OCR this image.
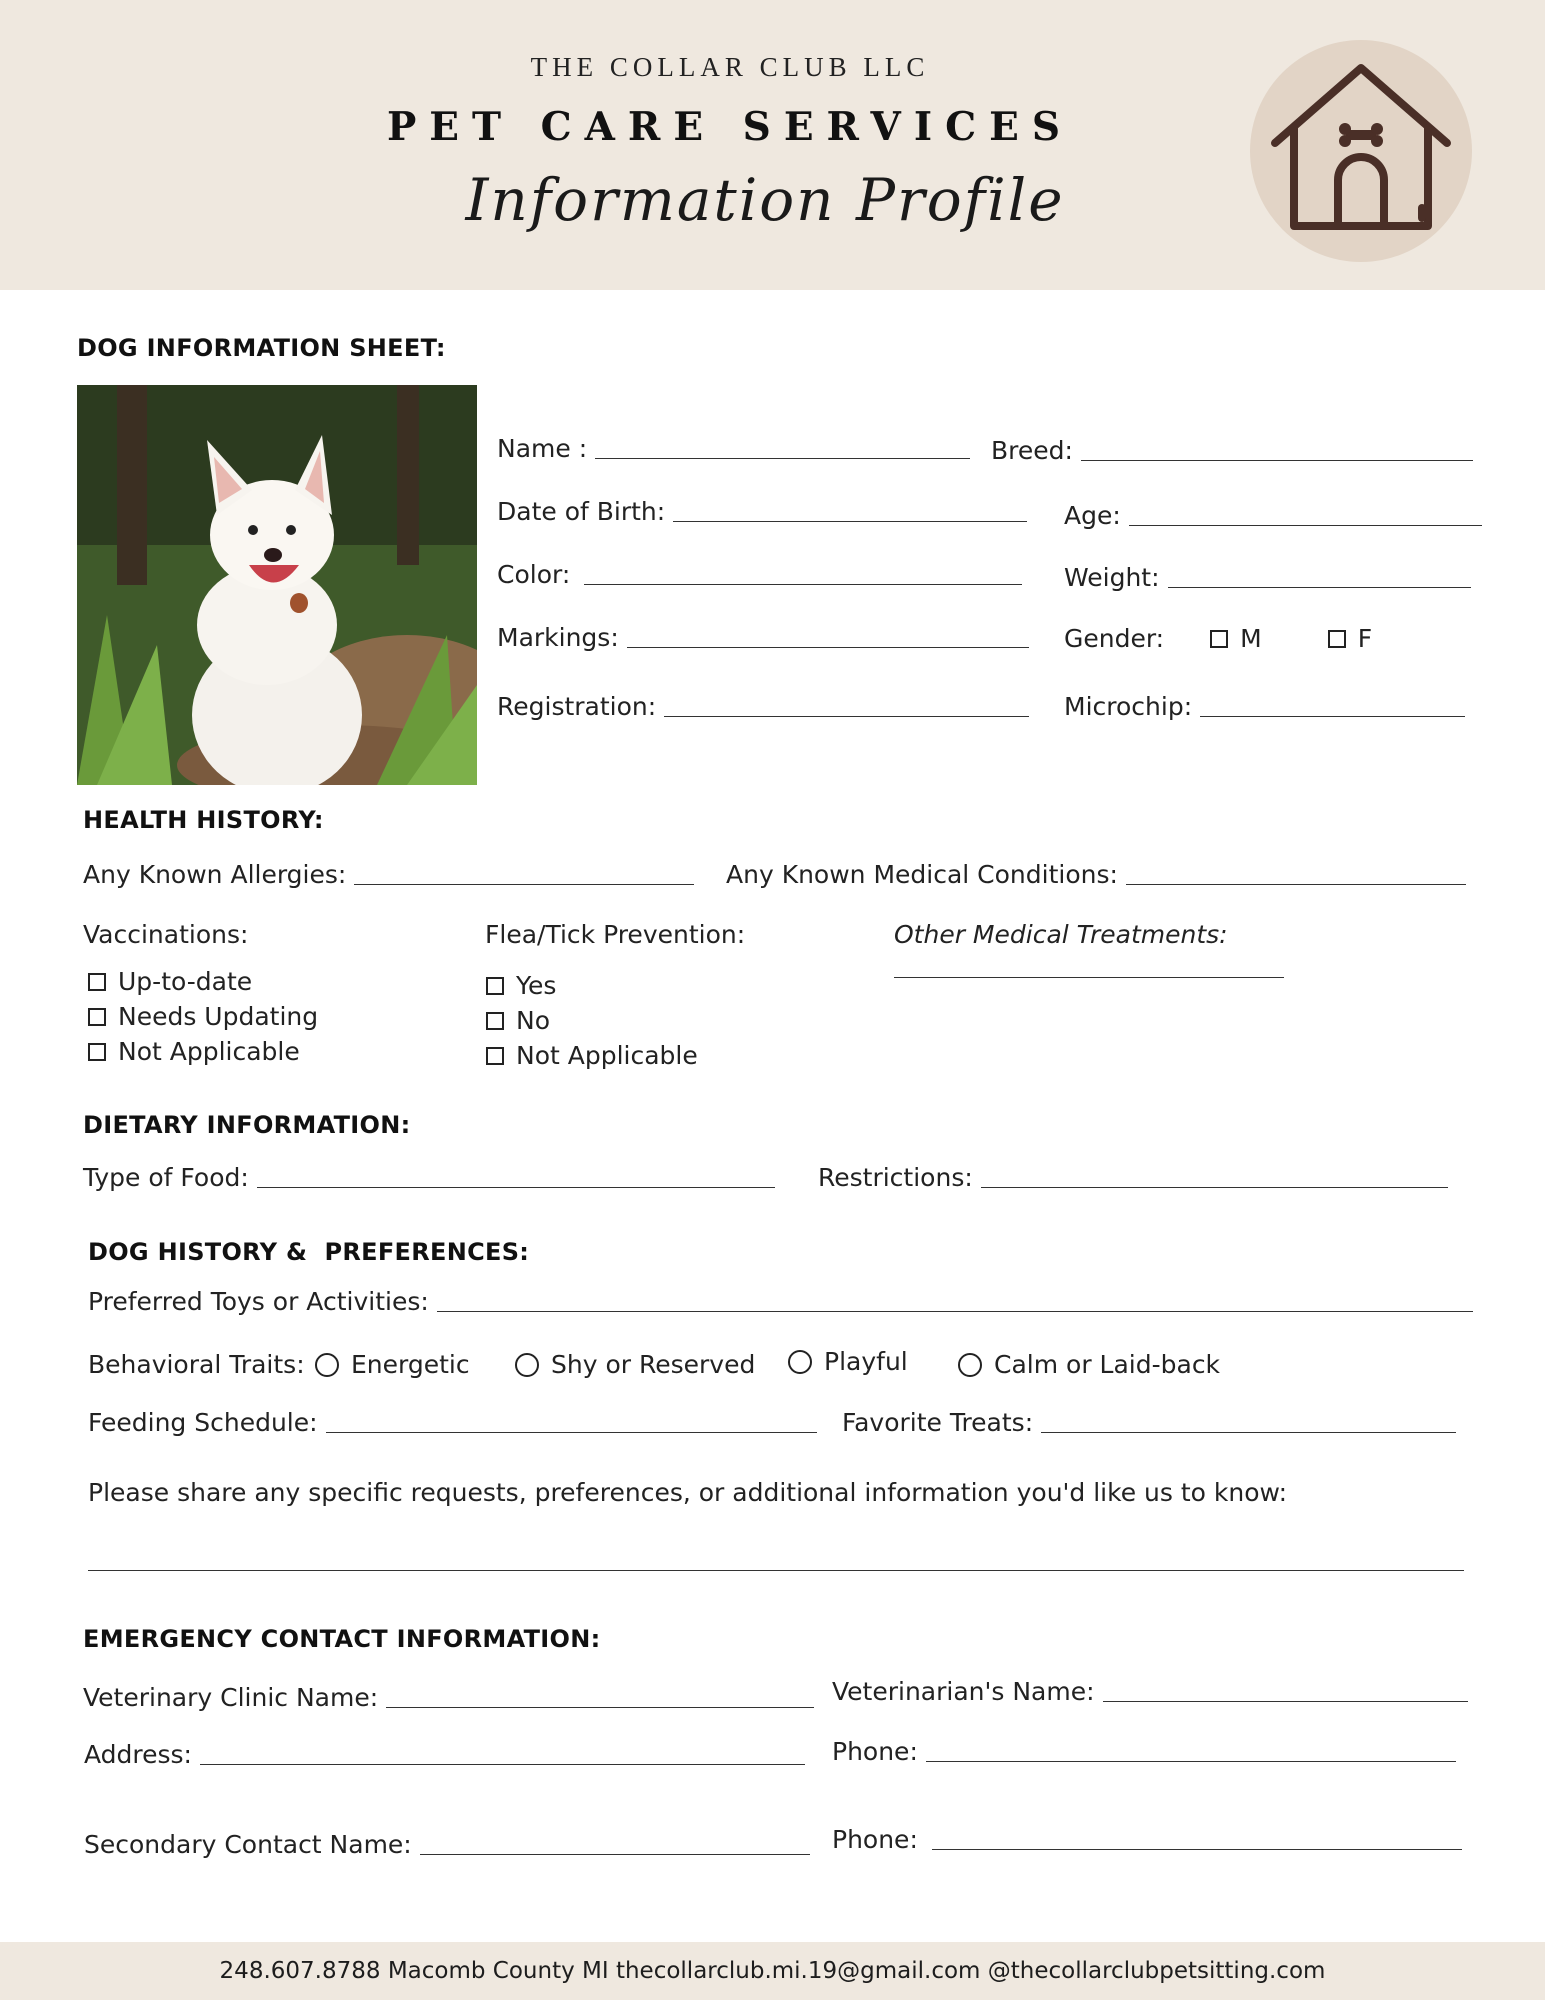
THE COLLAR CLUB LLC
PET CARE SERVICES
Information Profile
DOG INFORMATION SHEET:
Name :	Breed:
Date of Birth:	Age:
Color:	Weight:
Markings:	Gender:	M	F
Registration:	Microchip:
HEALTH HISTORY:
Any Known Allergies:	Any Known Medical Conditions:
Vaccinations:
Up-to-date
Needs Updating
Not Applicable
Flea/Tick Prevention:
Yes
No
Not Applicable
Other Medical Treatments:
DIETARY INFORMATION:
Type of Food:	Restrictions:
DOG HISTORY &  PREFERENCES:
Preferred Toys or Activities:
Behavioral Traits: Energetic	Shy or Reserved	Playful	Calm or Laid-back
Feeding Schedule:	Favorite Treats:
Please share any specific requests, preferences, or additional information you'd like us to know:
EMERGENCY CONTACT INFORMATION:
Veterinary Clinic Name:	Veterinarian's Name:
Address:	Phone:
Secondary Contact Name:	Phone:
248.607.8788 Macomb County MI thecollarclub.mi.19@gmail.com @thecollarclubpetsitting.com
